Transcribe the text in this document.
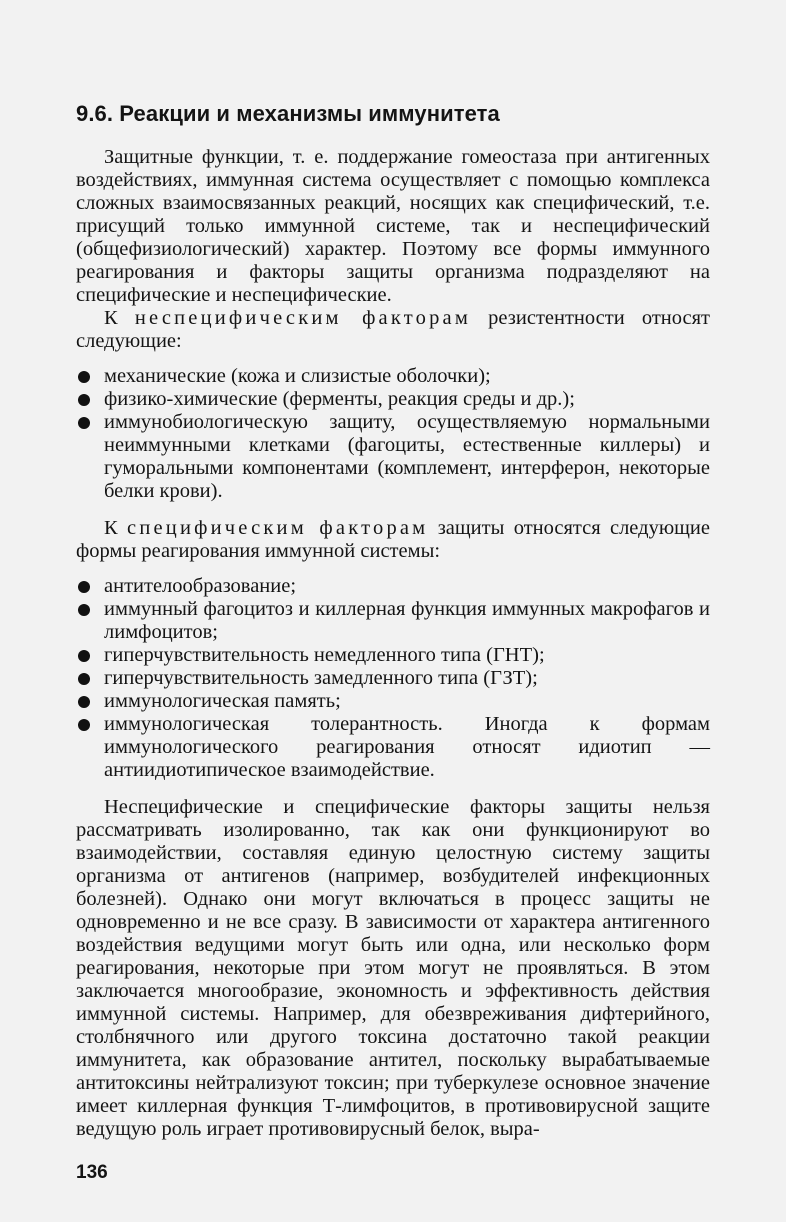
9.6. Реакции и механизмы иммунитета

Защитные функции, т. е. поддержание гомеостаза при антигенных воздействиях, иммунная система осуществляет с помощью комплекса сложных взаимосвязанных реакций, носящих как специфический, т.е. присущий только иммунной системе, так и неспецифический (общефизиологический) характер. Поэтому все формы иммунного реагирования и факторы защиты организма подразделяют на специфические и неспецифические.

К неспецифическим факторам резистентности относят следующие:

механические (кожа и слизистые оболочки);
физико-химические (ферменты, реакция среды и др.);
иммунобиологическую защиту, осуществляемую нормальными неиммунными клетками (фагоциты, естественные киллеры) и гуморальными компонентами (комплемент, интерферон, некоторые белки крови).

К специфическим факторам защиты относятся следующие формы реагирования иммунной системы:

антителообразование;
иммунный фагоцитоз и киллерная функция иммунных макрофагов и лимфоцитов;
гиперчувствительность немедленного типа (ГНТ);
гиперчувствительность замедленного типа (ГЗТ);
иммунологическая память;
иммунологическая толерантность. Иногда к формам иммунологического реагирования относят идиотип — антиидиотипическое взаимодействие.

Неспецифические и специфические факторы защиты нельзя рассматривать изолированно, так как они функционируют во взаимодействии, составляя единую целостную систему защиты организма от антигенов (например, возбудителей инфекционных болезней). Однако они могут включаться в процесс защиты не одновременно и не все сразу. В зависимости от характера антигенного воздействия ведущими могут быть или одна, или несколько форм реагирования, некоторые при этом могут не проявляться. В этом заключается многообразие, экономность и эффективность действия иммунной системы. Например, для обезвреживания дифтерийного, столбнячного или другого токсина достаточно такой реакции иммунитета, как образование антител, поскольку вырабатываемые антитоксины нейтрализуют токсин; при туберкулезе основное значение имеет киллерная функция Т-лимфоцитов, в противовирусной защите ведущую роль играет противовирусный белок, выра-

136
